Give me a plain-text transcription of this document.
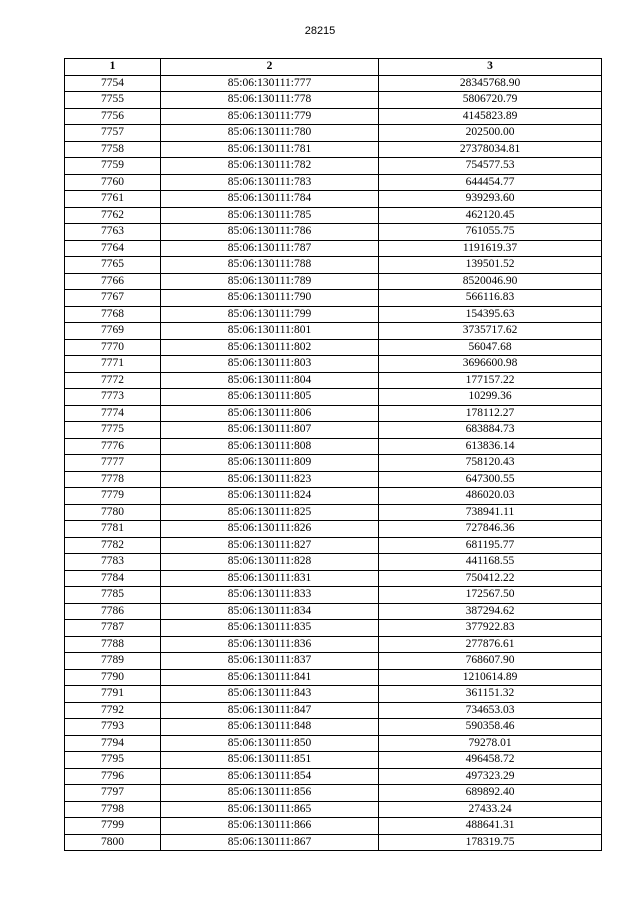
28215
1	2	3
7754	85:06:130111:777	28345768.90
7755	85:06:130111:778	5806720.79
7756	85:06:130111:779	4145823.89
7757	85:06:130111:780	202500.00
7758	85:06:130111:781	27378034.81
7759	85:06:130111:782	754577.53
7760	85:06:130111:783	644454.77
7761	85:06:130111:784	939293.60
7762	85:06:130111:785	462120.45
7763	85:06:130111:786	761055.75
7764	85:06:130111:787	1191619.37
7765	85:06:130111:788	139501.52
7766	85:06:130111:789	8520046.90
7767	85:06:130111:790	566116.83
7768	85:06:130111:799	154395.63
7769	85:06:130111:801	3735717.62
7770	85:06:130111:802	56047.68
7771	85:06:130111:803	3696600.98
7772	85:06:130111:804	177157.22
7773	85:06:130111:805	10299.36
7774	85:06:130111:806	178112.27
7775	85:06:130111:807	683884.73
7776	85:06:130111:808	613836.14
7777	85:06:130111:809	758120.43
7778	85:06:130111:823	647300.55
7779	85:06:130111:824	486020.03
7780	85:06:130111:825	738941.11
7781	85:06:130111:826	727846.36
7782	85:06:130111:827	681195.77
7783	85:06:130111:828	441168.55
7784	85:06:130111:831	750412.22
7785	85:06:130111:833	172567.50
7786	85:06:130111:834	387294.62
7787	85:06:130111:835	377922.83
7788	85:06:130111:836	277876.61
7789	85:06:130111:837	768607.90
7790	85:06:130111:841	1210614.89
7791	85:06:130111:843	361151.32
7792	85:06:130111:847	734653.03
7793	85:06:130111:848	590358.46
7794	85:06:130111:850	79278.01
7795	85:06:130111:851	496458.72
7796	85:06:130111:854	497323.29
7797	85:06:130111:856	689892.40
7798	85:06:130111:865	27433.24
7799	85:06:130111:866	488641.31
7800	85:06:130111:867	178319.75
